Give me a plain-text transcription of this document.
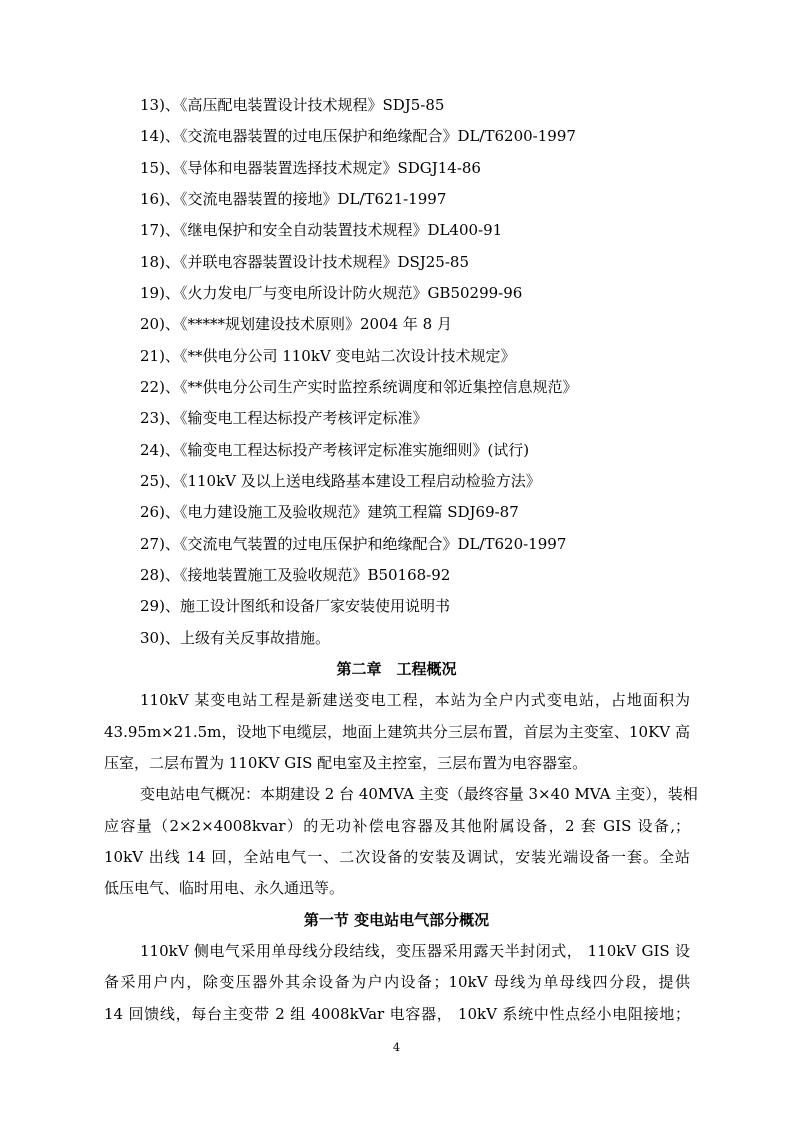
13)、《高压配电装置设计技术规程》SDJ5-85
14)、《交流电器装置的过电压保护和绝缘配合》DL/T6200-1997
15)、《导体和电器装置选择技术规定》SDGJ14-86
16)、《交流电器装置的接地》DL/T621-1997
17)、《继电保护和安全自动装置技术规程》DL400-91
18)、《并联电容器装置设计技术规程》DSJ25-85
19)、《火力发电厂与变电所设计防火规范》GB50299-96
20)、《*****规划建设技术原则》2004 年 8 月
21)、《**供电分公司 110kV 变电站二次设计技术规定》
22)、《**供电分公司生产实时监控系统调度和邻近集控信息规范》
23)、《输变电工程达标投产考核评定标准》
24)、《输变电工程达标投产考核评定标准实施细则》(试行)
25)、《110kV 及以上送电线路基本建设工程启动检验方法》
26)、《电力建设施工及验收规范》建筑工程篇 SDJ69-87
27)、《交流电气装置的过电压保护和绝缘配合》DL/T620-1997
28)、《接地装置施工及验收规范》B50168-92
29)、施工设计图纸和设备厂家安装使用说明书
30)、上级有关反事故措施。
第二章　工程概况
110kV 某变电站工程是新建送变电工程，本站为全户内式变电站，占地面积为
43.95m×21.5m，设地下电缆层，地面上建筑共分三层布置，首层为主变室、10KV 高
压室，二层布置为 110KV GIS 配电室及主控室，三层布置为电容器室。
变电站电气概况：本期建设 2 台 40MVA 主变（最终容量 3×40 MVA 主变），装相
应容量（2×2×4008kvar）的无功补偿电容器及其他附属设备，2 套 GIS 设备,；
10kV 出线 14 回，全站电气一、二次设备的安装及调试，安装光端设备一套。全站
低压电气、临时用电、永久通迅等。
第一节 变电站电气部分概况
110kV 侧电气采用单母线分段结线，变压器采用露天半封闭式， 110kV GIS 设
备采用户内，除变压器外其余设备为户内设备；10kV 母线为单母线四分段，提供
14 回馈线，每台主变带 2 组 4008kVar 电容器， 10kV 系统中性点经小电阻接地；
4
